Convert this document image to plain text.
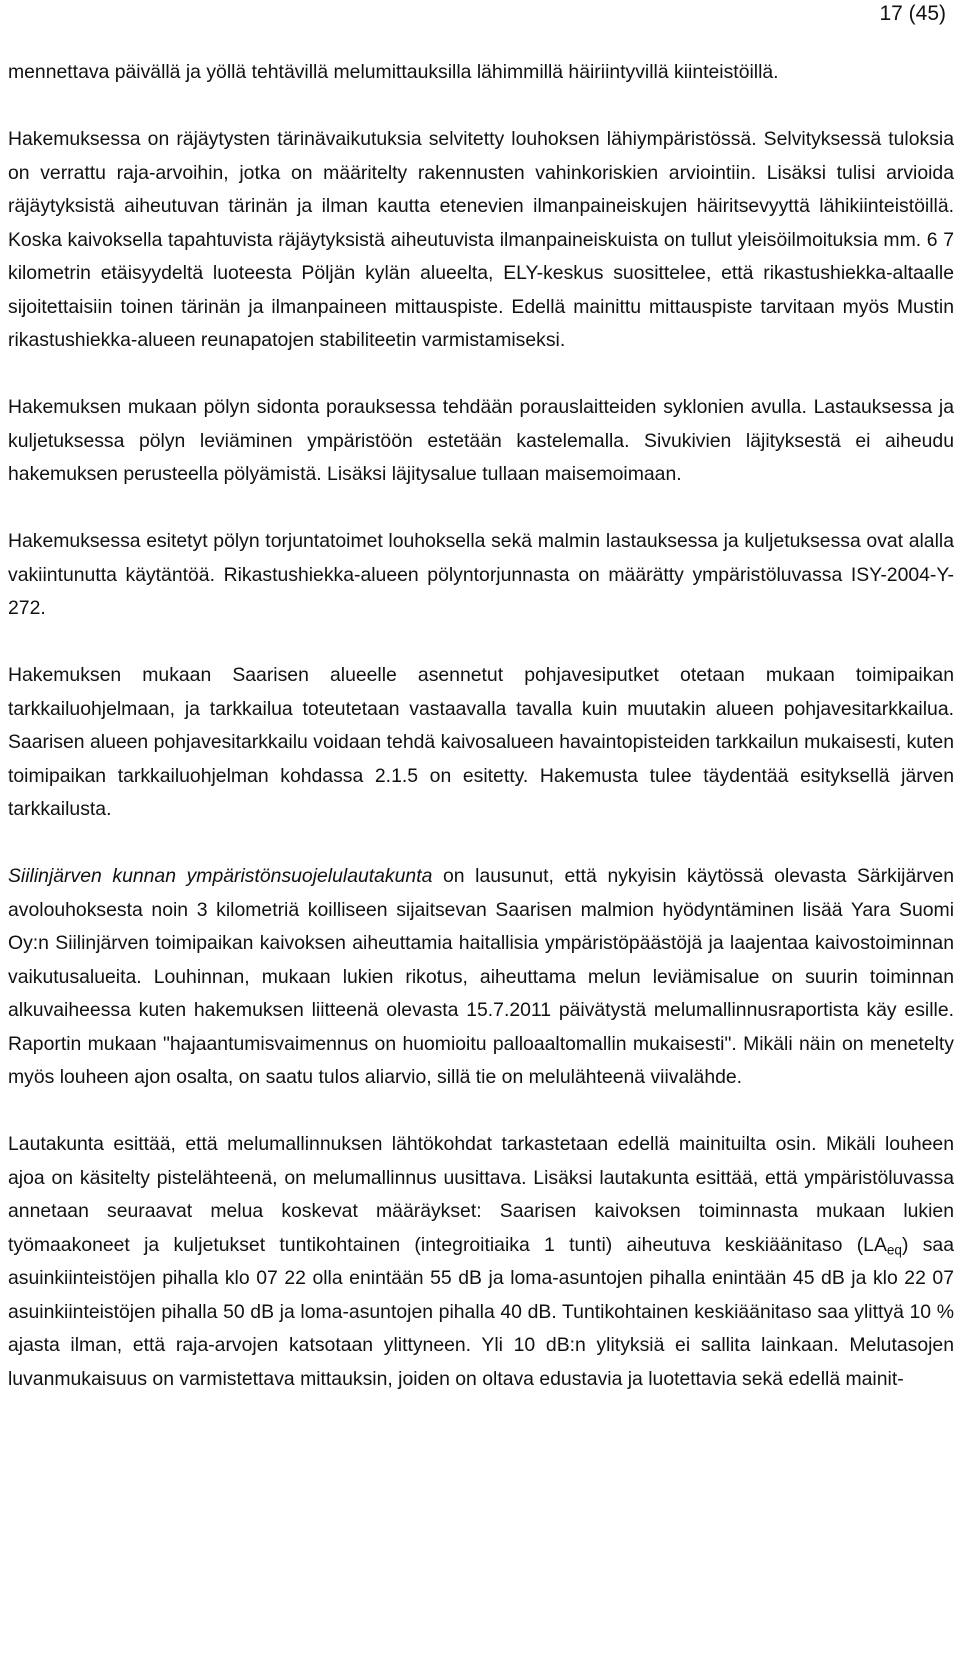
17 (45)

mennettava päivällä ja yöllä tehtävillä melumittauksilla lähimmillä häiriintyvillä kiinteistöillä.

Hakemuksessa on räjäytysten tärinävaikutuksia selvitetty louhoksen lähiympäristössä. Selvityksessä tuloksia on verrattu raja-arvoihin, jotka on määritelty rakennusten vahinkoriskien arviointiin. Lisäksi tulisi arvioida räjäytyksistä aiheutuvan tärinän ja ilman kautta etenevien ilmanpaineiskujen häiritsevyyttä lähikiinteistöillä. Koska kaivoksella tapahtuvista räjäytyksistä aiheutuvista ilmanpaineiskuista on tullut yleisöilmoituksia mm. 6 7 kilometrin etäisyydeltä luoteesta Pöljän kylän alueelta, ELY-keskus suosittelee, että rikastushiekka-altaalle sijoitettaisiin toinen tärinän ja ilmanpaineen mittauspiste. Edellä mainittu mittauspiste tarvitaan myös Mustin rikastushiekka-alueen reunapatojen stabiliteetin varmistamiseksi.

Hakemuksen mukaan pölyn sidonta porauksessa tehdään porauslaitteiden syklonien avulla. Lastauksessa ja kuljetuksessa pölyn leviäminen ympäristöön estetään kastelemalla. Sivukivien läjityksestä ei aiheudu hakemuksen perusteella pölyämistä. Lisäksi läjitysalue tullaan maisemoimaan.

Hakemuksessa esitetyt pölyn torjuntatoimet louhoksella sekä malmin lastauksessa ja kuljetuksessa ovat alalla vakiintunutta käytäntöä. Rikastushiekka-alueen pölyntorjunnasta on määrätty ympäristöluvassa ISY-2004-Y-272.

Hakemuksen mukaan Saarisen alueelle asennetut pohjavesiputket otetaan mukaan toimipaikan tarkkailuohjelmaan, ja tarkkailua toteutetaan vastaavalla tavalla kuin muutakin alueen pohjavesitarkkailua. Saarisen alueen pohjavesitarkkailu voidaan tehdä kaivosalueen havaintopisteiden tarkkailun mukaisesti, kuten toimipaikan tarkkailuohjelman kohdassa 2.1.5 on esitetty. Hakemusta tulee täydentää esityksellä järven tarkkailusta.

Siilinjärven kunnan ympäristönsuojelulautakunta on lausunut, että nykyisin käytössä olevasta Särkijärven avolouhoksesta noin 3 kilometriä koilliseen sijaitsevan Saarisen malmion hyödyntäminen lisää Yara Suomi Oy:n Siilinjärven toimipaikan kaivoksen aiheuttamia haitallisia ympäristöpäästöjä ja laajentaa kaivostoiminnan vaikutusalueita. Louhinnan, mukaan lukien rikotus, aiheuttama melun leviämisalue on suurin toiminnan alkuvaiheessa kuten hakemuksen liitteenä olevasta 15.7.2011 päivätystä melumallinnusraportista käy esille. Raportin mukaan "hajaantumisvaimennus on huomioitu palloaaltomallin mukaisesti". Mikäli näin on menetelty myös louheen ajon osalta, on saatu tulos aliarvio, sillä tie on melulähteenä viivalähde.

Lautakunta esittää, että melumallinnuksen lähtökohdat tarkastetaan edellä mainituilta osin. Mikäli louheen ajoa on käsitelty pistelähteenä, on melumallinnus uusittava. Lisäksi lautakunta esittää, että ympäristöluvassa annetaan seuraavat melua koskevat määräykset: Saarisen kaivoksen toiminnasta mukaan lukien työmaakoneet ja kuljetukset tuntikohtainen (integroitiaika 1 tunti) aiheutuva keskiäänitaso $(LA_{eq})$ saa asuinkiinteistöjen pihalla klo 07 22 olla enintään 55 dB ja loma-asuntojen pihalla enintään 45 dB ja klo 22 07 asuinkiinteistöjen pihalla 50 dB ja loma-asuntojen pihalla 40 dB. Tuntikohtainen keskiäänitaso saa ylittyä 10 % ajasta ilman, että raja-arvojen katsotaan ylittyneen. Yli 10 dB:n ylityksiä ei sallita lainkaan. Melutasojen luvanmukaisuus on varmistettava mittauksin, joiden on oltava edustavia ja luotettavia sekä edellä mainit-
